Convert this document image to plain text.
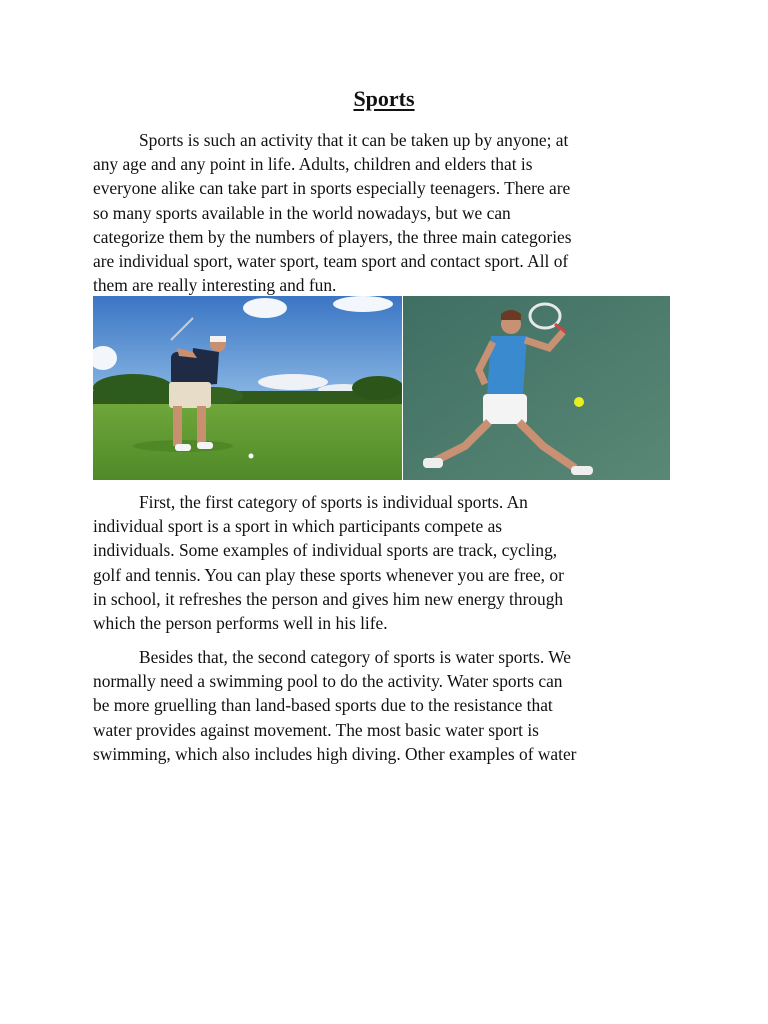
Sports

Sports is such an activity that it can be taken up by anyone; at
any age and any point in life. Adults, children and elders that is
everyone alike can take part in sports especially teenagers. There are
so many sports available in the world nowadays, but we can
categorize them by the numbers of players, the three main categories
are individual sport, water sport, team sport and contact sport. All of
them are really interesting and fun.

First, the first category of sports is individual sports. An
individual sport is a sport in which participants compete as
individuals. Some examples of individual sports are track, cycling,
golf and tennis. You can play these sports whenever you are free, or
in school, it refreshes the person and gives him new energy through
which the person performs well in his life.

Besides that, the second category of sports is water sports. We
normally need a swimming pool to do the activity. Water sports can
be more gruelling than land-based sports due to the resistance that
water provides against movement. The most basic water sport is
swimming, which also includes high diving. Other examples of water
